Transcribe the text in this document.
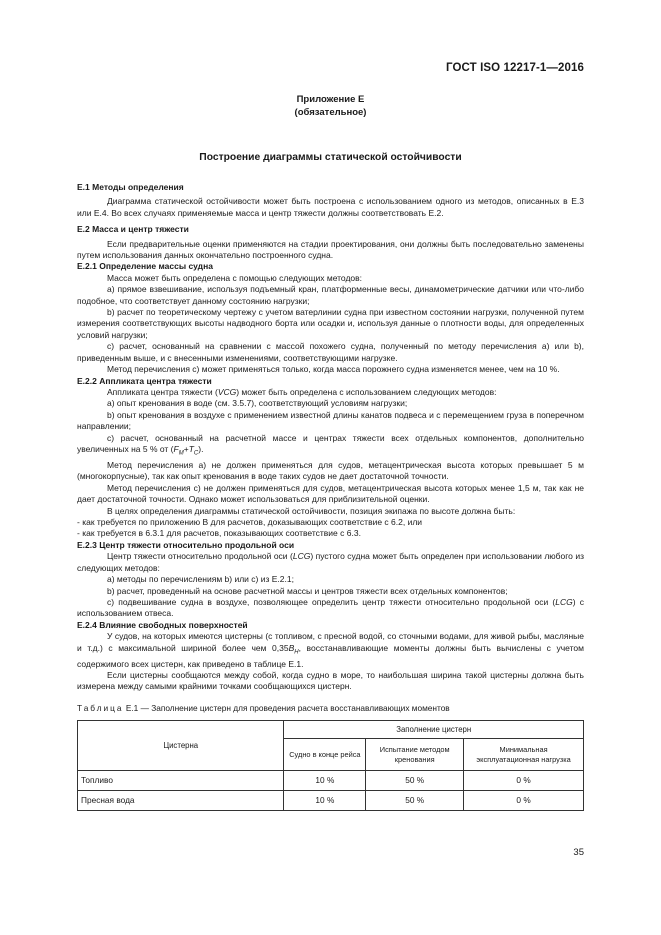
ГОСТ ISO 12217-1—2016
Приложение Е
(обязательное)
Построение диаграммы статической остойчивости

Е.1 Методы определения

Диаграмма статической остойчивости может быть построена с использованием одного из методов, описанных в Е.3 или Е.4. Во всех случаях применяемые масса и центр тяжести должны соответствовать Е.2.

Е.2 Масса и центр тяжести

Если предварительные оценки применяются на стадии проектирования, они должны быть последовательно заменены путем использования данных окончательно построенного судна.

Е.2.1 Определение массы судна

Масса может быть определена с помощью следующих методов:

a) прямое взвешивание, используя подъемный кран, платформенные весы, динамометрические датчики или что-либо подобное, что соответствует данному состоянию нагрузки;

b) расчет по теоретическому чертежу с учетом ватерлинии судна при известном состоянии нагрузки, полученной путем измерения соответствующих высоты надводного борта или осадки и, используя данные о плотности воды, для определенных условий нагрузки;

c) расчет, основанный на сравнении с массой похожего судна, полученный по методу перечисления а) или b), приведенным выше, и с внесенными изменениями, соответствующими нагрузке.

Метод перечисления с) может применяться только, когда масса порожнего судна изменяется менее, чем на 10 %.

Е.2.2 Аппликата центра тяжести

Аппликата центра тяжести (VCG) может быть определена с использованием следующих методов:

a) опыт кренования в воде (см. 3.5.7), соответствующий условиям нагрузки;

b) опыт кренования в воздухе с применением известной длины канатов подвеса и с перемещением груза в поперечном направлении;

c) расчет, основанный на расчетной массе и центрах тяжести всех отдельных компонентов, дополнительно увеличенных на 5 % от $(F_M+T_C)$.

Метод перечисления а) не должен применяться для судов, метацентрическая высота которых превышает 5 м (многокорпусные), так как опыт кренования в воде таких судов не дает достаточной точности.

Метод перечисления с) не должен применяться для судов, метацентрическая высота которых менее 1,5 м, так как не дает достаточной точности. Однако может использоваться для приблизительной оценки.

В целях определения диаграммы статической остойчивости, позиция экипажа по высоте должна быть:

- как требуется по приложению В для расчетов, доказывающих соответствие с 6.2, или

- как требуется в 6.3.1 для расчетов, показывающих соответствие с 6.3.

Е.2.3 Центр тяжести относительно продольной оси

Центр тяжести относительно продольной оси (LCG) пустого судна может быть определен при использовании любого из следующих методов:

a) методы по перечислениям b) или с) из Е.2.1;

b) расчет, проведенный на основе расчетной массы и центров тяжести всех отдельных компонентов;

c) подвешивание судна в воздухе, позволяющее определить центр тяжести относительно продольной оси (LCG) с использованием отвеса.

Е.2.4 Влияние свободных поверхностей

У судов, на которых имеются цистерны (с топливом, с пресной водой, со сточными водами, для живой рыбы, масляные и т.д.) с максимальной шириной более чем $0,35B_H$, восстанавливающие моменты должны быть вычислены с учетом содержимого всех цистерн, как приведено в таблице Е.1.

Если цистерны сообщаются между собой, когда судно в море, то наибольшая ширина такой цистерны должна быть измерена между самыми крайними точками сообщающихся цистерн.

Таблица Е.1 — Заполнение цистерн для проведения расчета восстанавливающих моментов

Цистерна	Заполнение цистерн		
	Судно в конце рейса	Испытание методом кренования	Минимальная эксплуатационная нагрузка
Топливо	10 %	50 %	0 %
Пресная вода	10 %	50 %	0 %
35
